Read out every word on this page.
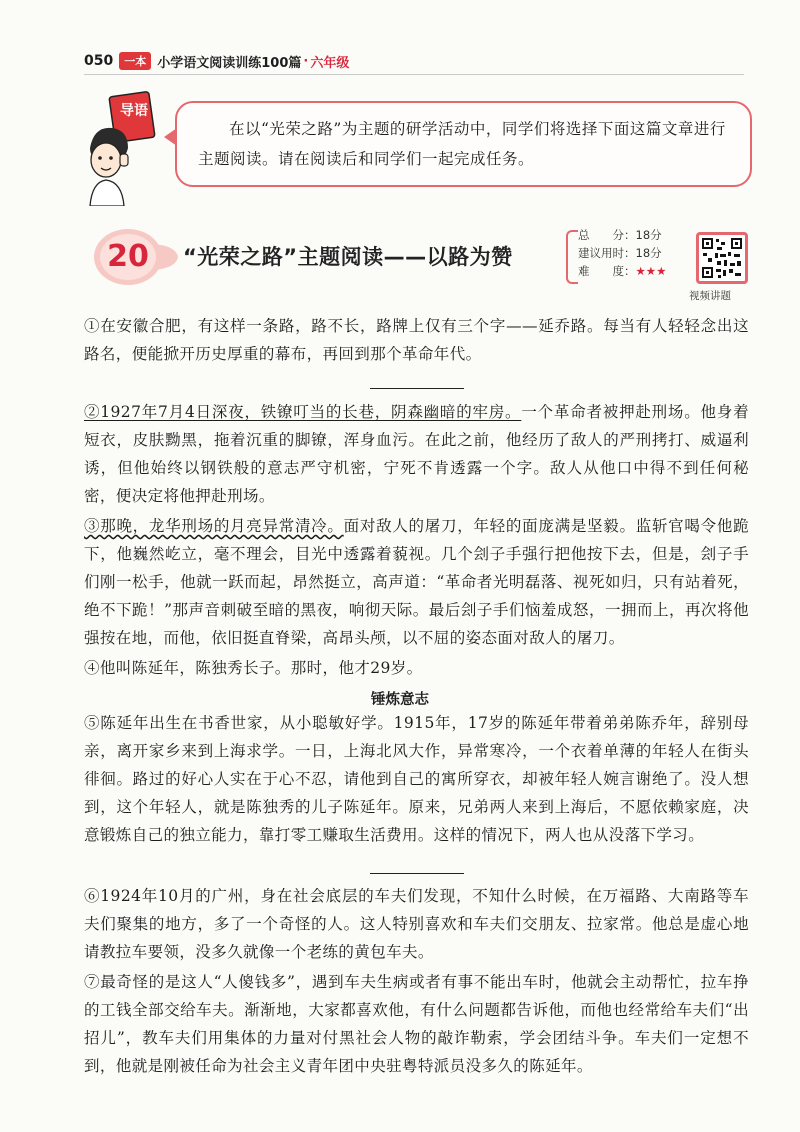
050	一本 小学语文阅读训练100篇 · 六年级
导语
在以“光荣之路”为主题的研学活动中，同学们将选择下面这篇文章进行主题阅读。请在阅读后和同学们一起完成任务。
20	“光荣之路”主题阅读——以路为赞
总　　分：18分
建议用时：18分
难　　度：★★★
视频讲题
①在安徽合肥，有这样一条路，路不长，路牌上仅有三个字——延乔路。每当有人轻轻念出这路名，便能掀开历史厚重的幕布，再回到那个革命年代。
②1927年7月4日深夜，铁镣叮当的长巷，阴森幽暗的牢房。一个革命者被押赴刑场。他身着短衣，皮肤黝黑，拖着沉重的脚镣，浑身血污。在此之前，他经历了敌人的严刑拷打、威逼利诱，但他始终以钢铁般的意志严守机密，宁死不肯透露一个字。敌人从他口中得不到任何秘密，便决定将他押赴刑场。
③那晚，龙华刑场的月亮异常清冷。面对敌人的屠刀，年轻的面庞满是坚毅。监斩官喝令他跪下，他巍然屹立，毫不理会，目光中透露着藐视。几个刽子手强行把他按下去，但是，刽子手们刚一松手，他就一跃而起，昂然挺立，高声道：“革命者光明磊落、视死如归，只有站着死，绝不下跪！”那声音刺破至暗的黑夜，响彻天际。最后刽子手们恼羞成怒，一拥而上，再次将他强按在地，而他，依旧挺直脊梁，高昂头颅，以不屈的姿态面对敌人的屠刀。
④他叫陈延年，陈独秀长子。那时，他才29岁。
锤炼意志
⑤陈延年出生在书香世家，从小聪敏好学。1915年，17岁的陈延年带着弟弟陈乔年，辞别母亲，离开家乡来到上海求学。一日，上海北风大作，异常寒冷，一个衣着单薄的年轻人在街头徘徊。路过的好心人实在于心不忍，请他到自己的寓所穿衣，却被年轻人婉言谢绝了。没人想到，这个年轻人，就是陈独秀的儿子陈延年。原来，兄弟两人来到上海后，不愿依赖家庭，决意锻炼自己的独立能力，靠打零工赚取生活费用。这样的情况下，两人也从没落下学习。
⑥1924年10月的广州，身在社会底层的车夫们发现，不知什么时候，在万福路、大南路等车夫们聚集的地方，多了一个奇怪的人。这人特别喜欢和车夫们交朋友、拉家常。他总是虚心地请教拉车要领，没多久就像一个老练的黄包车夫。
⑦最奇怪的是这人“人傻钱多”，遇到车夫生病或者有事不能出车时，他就会主动帮忙，拉车挣的工钱全部交给车夫。渐渐地，大家都喜欢他，有什么问题都告诉他，而他也经常给车夫们“出招儿”，教车夫们用集体的力量对付黑社会人物的敲诈勒索，学会团结斗争。车夫们一定想不到，他就是刚被任命为社会主义青年团中央驻粤特派员没多久的陈延年。
